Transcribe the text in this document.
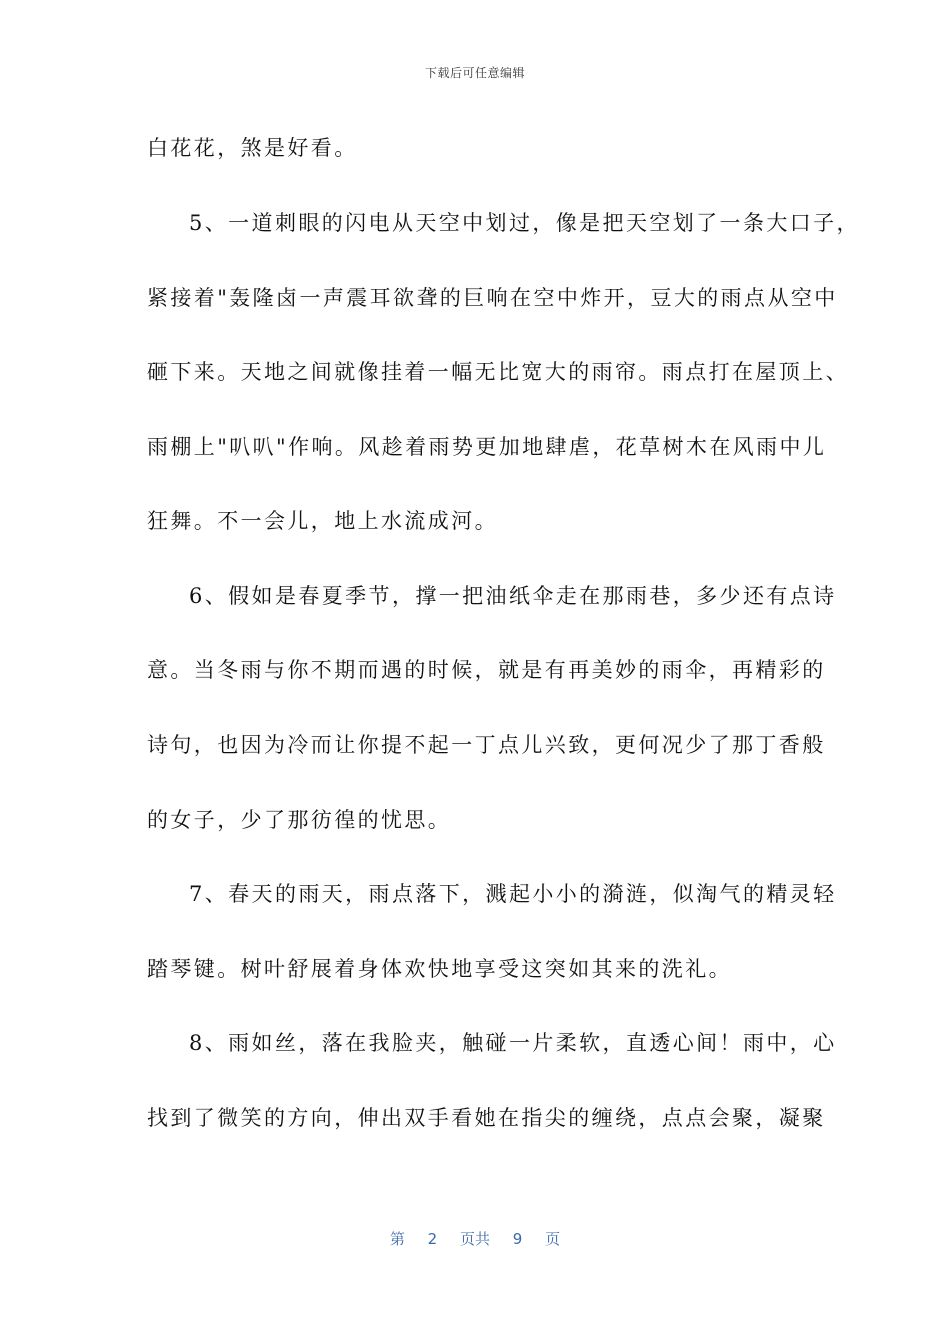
下载后可任意编辑
白花花，煞是好看。
5、一道刺眼的闪电从天空中划过，像是把天空划了一条大口子，
紧接着"轰隆卤一声震耳欲聋的巨响在空中炸开，豆大的雨点从空中
砸下来。天地之间就像挂着一幅无比宽大的雨帘。雨点打在屋顶上、
雨棚上"叭叭"作响。风趁着雨势更加地肆虐，花草树木在风雨中儿
狂舞。不一会儿，地上水流成河。
6、假如是春夏季节，撑一把油纸伞走在那雨巷，多少还有点诗
意。当冬雨与你不期而遇的时候，就是有再美妙的雨伞，再精彩的
诗句，也因为冷而让你提不起一丁点儿兴致，更何况少了那丁香般
的女子，少了那彷徨的忧思。
7、春天的雨天，雨点落下，溅起小小的漪涟，似淘气的精灵轻
踏琴键。树叶舒展着身体欢快地享受这突如其来的洗礼。
8、雨如丝，落在我脸夹，触碰一片柔软，直透心间！雨中，心
找到了微笑的方向，伸出双手看她在指尖的缠绕，点点会聚，凝聚
第 2 页共 9 页
